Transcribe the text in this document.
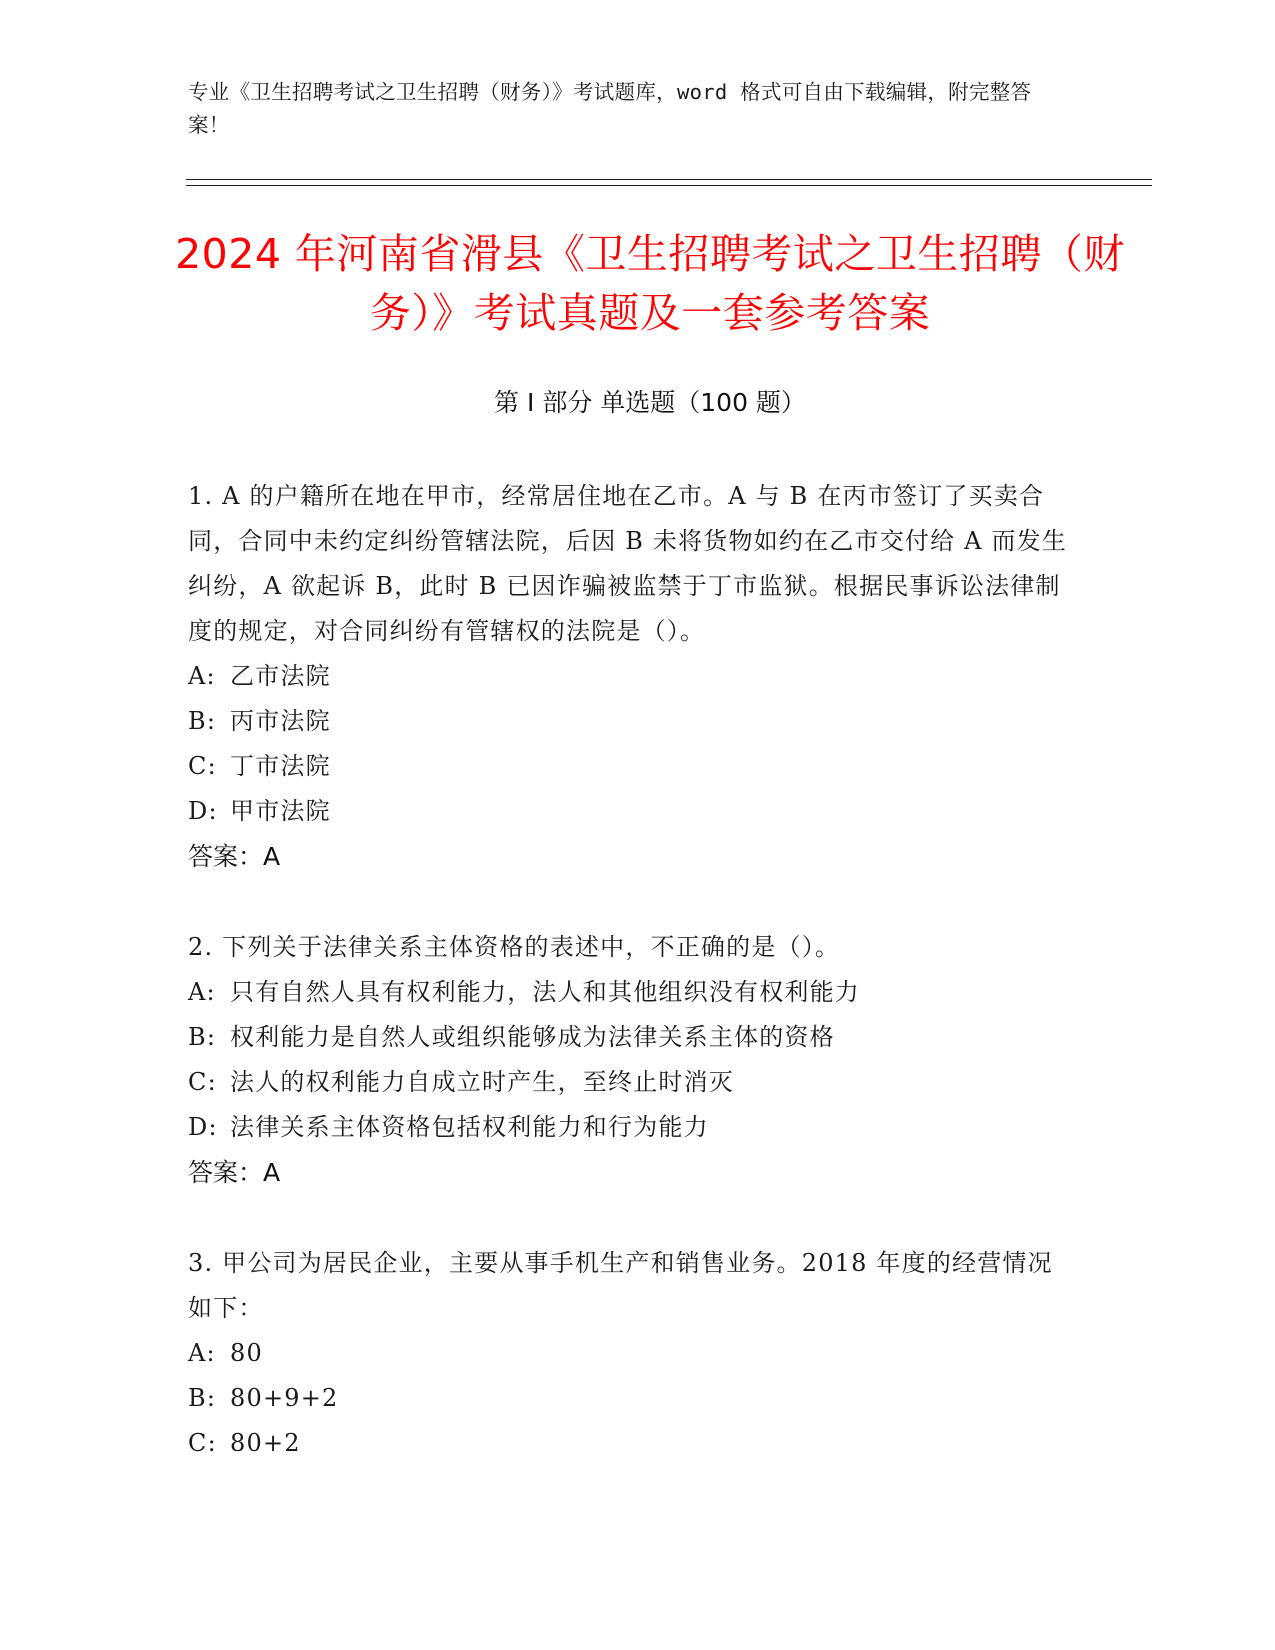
专业《卫生招聘考试之卫生招聘（财务）》考试题库，word 格式可自由下载编辑，附完整答案！
2024 年河南省滑县《卫生招聘考试之卫生招聘（财务）》考试真题及一套参考答案
第 I 部分 单选题（100 题）
1. A 的户籍所在地在甲市，经常居住地在乙市。A 与 B 在丙市签订了买卖合同，合同中未约定纠纷管辖法院，后因 B 未将货物如约在乙市交付给 A 而发生纠纷，A 欲起诉 B，此时 B 已因诈骗被监禁于丁市监狱。根据民事诉讼法律制度的规定，对合同纠纷有管辖权的法院是（）。
A: 乙市法院
B: 丙市法院
C: 丁市法院
D: 甲市法院
答案： A
2. 下列关于法律关系主体资格的表述中，不正确的是（）。
A: 只有自然人具有权利能力，法人和其他组织没有权利能力
B: 权利能力是自然人或组织能够成为法律关系主体的资格
C: 法人的权利能力自成立时产生，至终止时消灭
D: 法律关系主体资格包括权利能力和行为能力
答案： A
3. 甲公司为居民企业，主要从事手机生产和销售业务。2018 年度的经营情况如下：
A: 80
B: 80+9+2
C: 80+2
